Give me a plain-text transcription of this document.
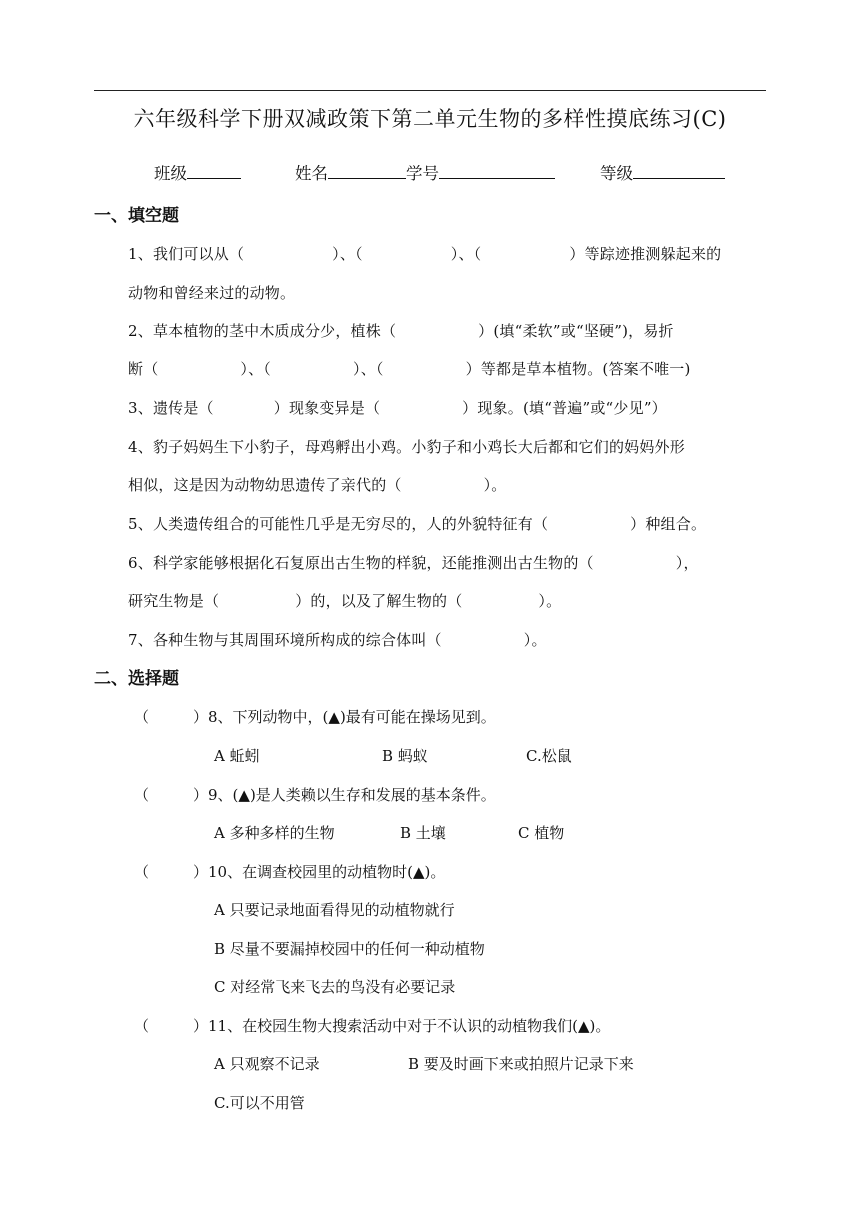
六年级科学下册双减政策下第二单元生物的多样性摸底练习(C)
班级	姓名	学号	等级
一、填空题
1、我们可以从（	）、（	）、（	）等踪迹推测躲起来的
动物和曾经来过的动物。
2、草本植物的茎中木质成分少，植株（	）(填“柔软”或“坚硬”)，易折
断（	）、（	）、（	）等都是草本植物。(答案不唯一)
3、遗传是（	）现象变异是（	）现象。(填“普遍”或“少见”）
4、豹子妈妈生下小豹子，母鸡孵出小鸡。小豹子和小鸡长大后都和它们的妈妈外形
相似，这是因为动物幼思遗传了亲代的（	）。
5、人类遗传组合的可能性几乎是无穷尽的，人的外貌特征有（	）种组合。
6、科学家能够根据化石复原出古生物的样貌，还能推测出古生物的（	），
研究生物是（	）的，以及了解生物的（	）。
7、各种生物与其周围环境所构成的综合体叫（	）。
二、选择题
（	）8、下列动物中，(▲)最有可能在操场见到。
A 蚯蚓	B 蚂蚁	C.松鼠
（	）9、(▲)是人类赖以生存和发展的基本条件。
A 多种多样的生物	B 土壤	C 植物
（	）10、在调查校园里的动植物时(▲)。
A 只要记录地面看得见的动植物就行
B 尽量不要漏掉校园中的任何一种动植物
C 对经常飞来飞去的鸟没有必要记录
（	）11、在校园生物大搜索活动中对于不认识的动植物我们(▲)。
A 只观察不记录	B 要及时画下来或拍照片记录下来
C.可以不用管
